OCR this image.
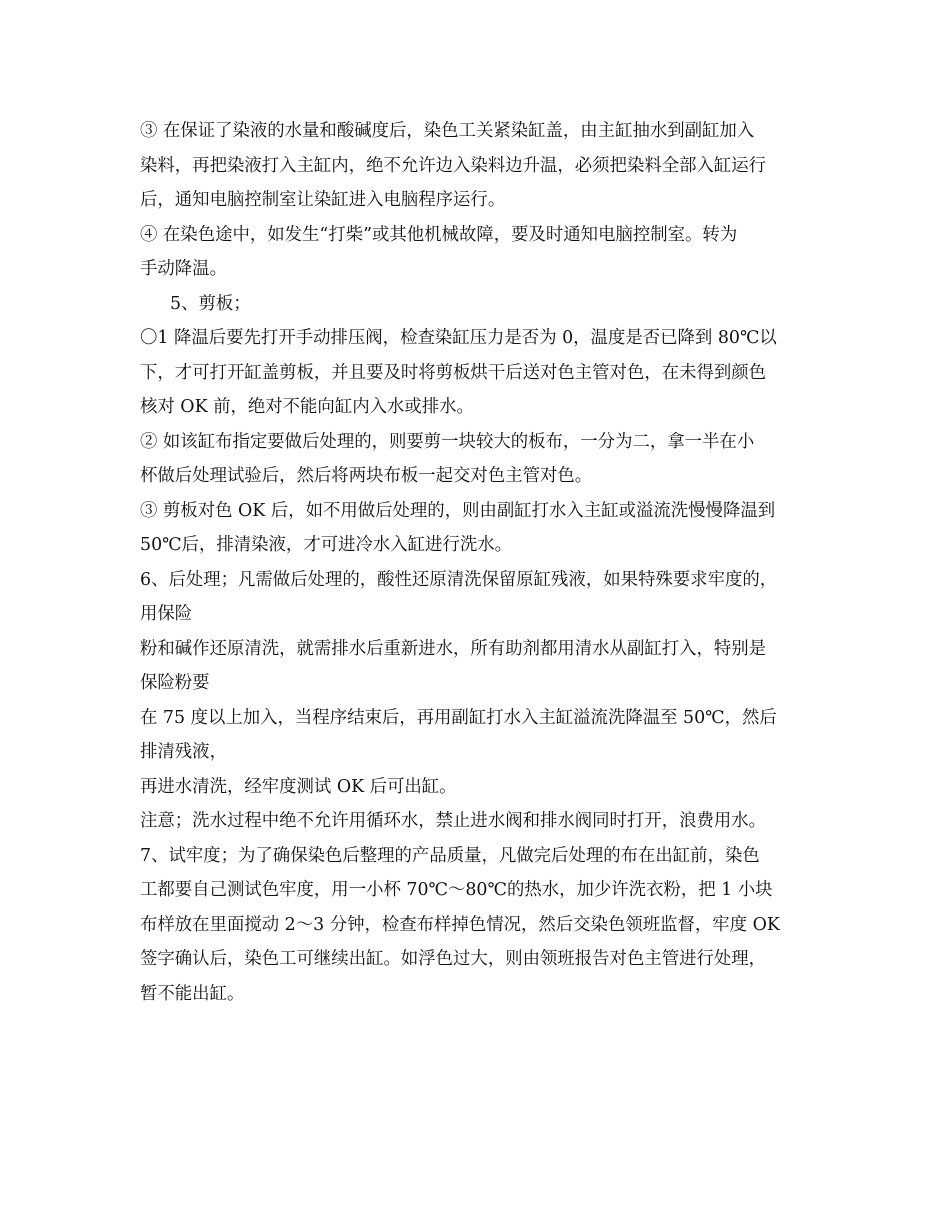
③ 在保证了染液的水量和酸碱度后，染色工关紧染缸盖，由主缸抽水到副缸加入
染料，再把染液打入主缸内，绝不允许边入染料边升温，必须把染料全部入缸运行
后，通知电脑控制室让染缸进入电脑程序运行。
④ 在染色途中，如发生“打柴”或其他机械故障，要及时通知电脑控制室。转为
手动降温。
5、剪板；
〇1 降温后要先打开手动排压阀，检查染缸压力是否为 0，温度是否已降到 80℃以
下，才可打开缸盖剪板，并且要及时将剪板烘干后送对色主管对色，在未得到颜色
核对 OK 前，绝对不能向缸内入水或排水。
② 如该缸布指定要做后处理的，则要剪一块较大的板布，一分为二，拿一半在小
杯做后处理试验后，然后将两块布板一起交对色主管对色。
③ 剪板对色 OK 后，如不用做后处理的，则由副缸打水入主缸或溢流洗慢慢降温到
50℃后，排清染液，才可进冷水入缸进行洗水。
6、后处理；凡需做后处理的，酸性还原清洗保留原缸残液，如果特殊要求牢度的，
用保险
粉和碱作还原清洗，就需排水后重新进水，所有助剂都用清水从副缸打入，特别是
保险粉要
在 75 度以上加入，当程序结束后，再用副缸打水入主缸溢流洗降温至 50℃，然后
排清残液，
再进水清洗，经牢度测试 OK 后可出缸。
注意；洗水过程中绝不允许用循环水，禁止进水阀和排水阀同时打开，浪费用水。
7、试牢度；为了确保染色后整理的产品质量，凡做完后处理的布在出缸前，染色
工都要自己测试色牢度，用一小杯 70℃～80℃的热水，加少许洗衣粉，把 1 小块
布样放在里面搅动 2～3 分钟，检查布样掉色情况，然后交染色领班监督，牢度 OK
签字确认后，染色工可继续出缸。如浮色过大，则由领班报告对色主管进行处理，
暂不能出缸。
